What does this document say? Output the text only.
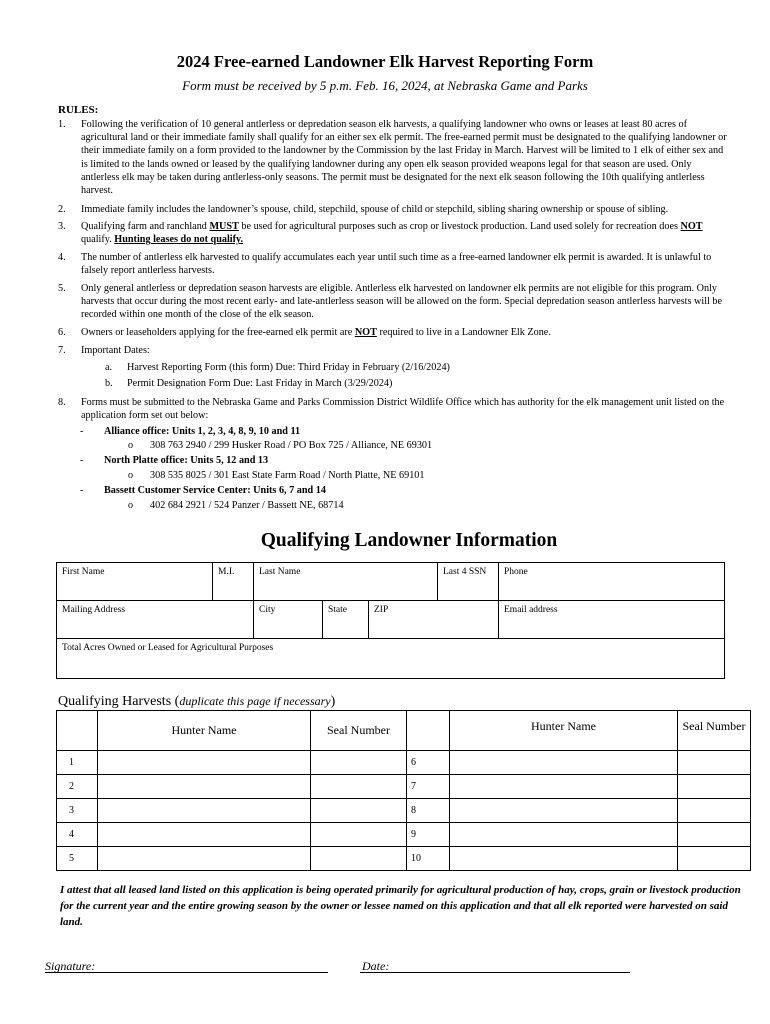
2024 Free-earned Landowner Elk Harvest Reporting Form
Form must be received by 5 p.m. Feb. 16, 2024, at Nebraska Game and Parks
RULES:
1. Following the verification of 10 general antlerless or depredation season elk harvests, a qualifying landowner who owns or leases at least 80 acres of agricultural land or their immediate family shall qualify for an either sex elk permit. The free-earned permit must be designated to the qualifying landowner or their immediate family on a form provided to the landowner by the Commission by the last Friday in March. Harvest will be limited to 1 elk of either sex and is limited to the lands owned or leased by the qualifying landowner during any open elk season provided weapons legal for that season are used. Only antlerless elk may be taken during antlerless-only seasons. The permit must be designated for the next elk season following the 10th qualifying antlerless harvest.
2. Immediate family includes the landowner’s spouse, child, stepchild, spouse of child or stepchild, sibling sharing ownership or spouse of sibling.
3. Qualifying farm and ranchland MUST be used for agricultural purposes such as crop or livestock production. Land used solely for recreation does NOT qualify. Hunting leases do not qualify.
4. The number of antlerless elk harvested to qualify accumulates each year until such time as a free-earned landowner elk permit is awarded. It is unlawful to falsely report antlerless harvests.
5. Only general antlerless or depredation season harvests are eligible. Antlerless elk harvested on landowner elk permits are not eligible for this program. Only harvests that occur during the most recent early- and late-antlerless season will be allowed on the form. Special depredation season antlerless harvests will be recorded within one month of the close of the elk season.
6. Owners or leaseholders applying for the free-earned elk permit are NOT required to live in a Landowner Elk Zone.
7. Important Dates:
a. Harvest Reporting Form (this form) Due: Third Friday in February (2/16/2024)
b. Permit Designation Form Due: Last Friday in March (3/29/2024)
8. Forms must be submitted to the Nebraska Game and Parks Commission District Wildlife Office which has authority for the elk management unit listed on the application form set out below:
- Alliance office: Units 1, 2, 3, 4, 8, 9, 10 and 11
o 308 763 2940 / 299 Husker Road / PO Box 725 / Alliance, NE 69301
- North Platte office: Units 5, 12 and 13
o 308 535 8025 / 301 East State Farm Road / North Platte, NE 69101
- Bassett Customer Service Center: Units 6, 7 and 14
o 402 684 2921 / 524 Panzer / Bassett NE, 68714
Qualifying Landowner Information
First Name	M.I.	Last Name			Last 4 SSN	Phone
Mailing Address		City	State	ZIP		Email address
Total Acres Owned or Leased for Agricultural Purposes						
Qualifying Harvests (duplicate this page if necessary)
	Hunter Name	Seal Number		Hunter Name	Seal Number
1			6		
2			7		
3			8		
4			9		
5			10		
I attest that all leased land listed on this application is being operated primarily for agricultural production of hay, crops, grain or livestock production for the current year and the entire growing season by the owner or lessee named on this application and that all elk reported were harvested on said land.
Signature:	Date:
